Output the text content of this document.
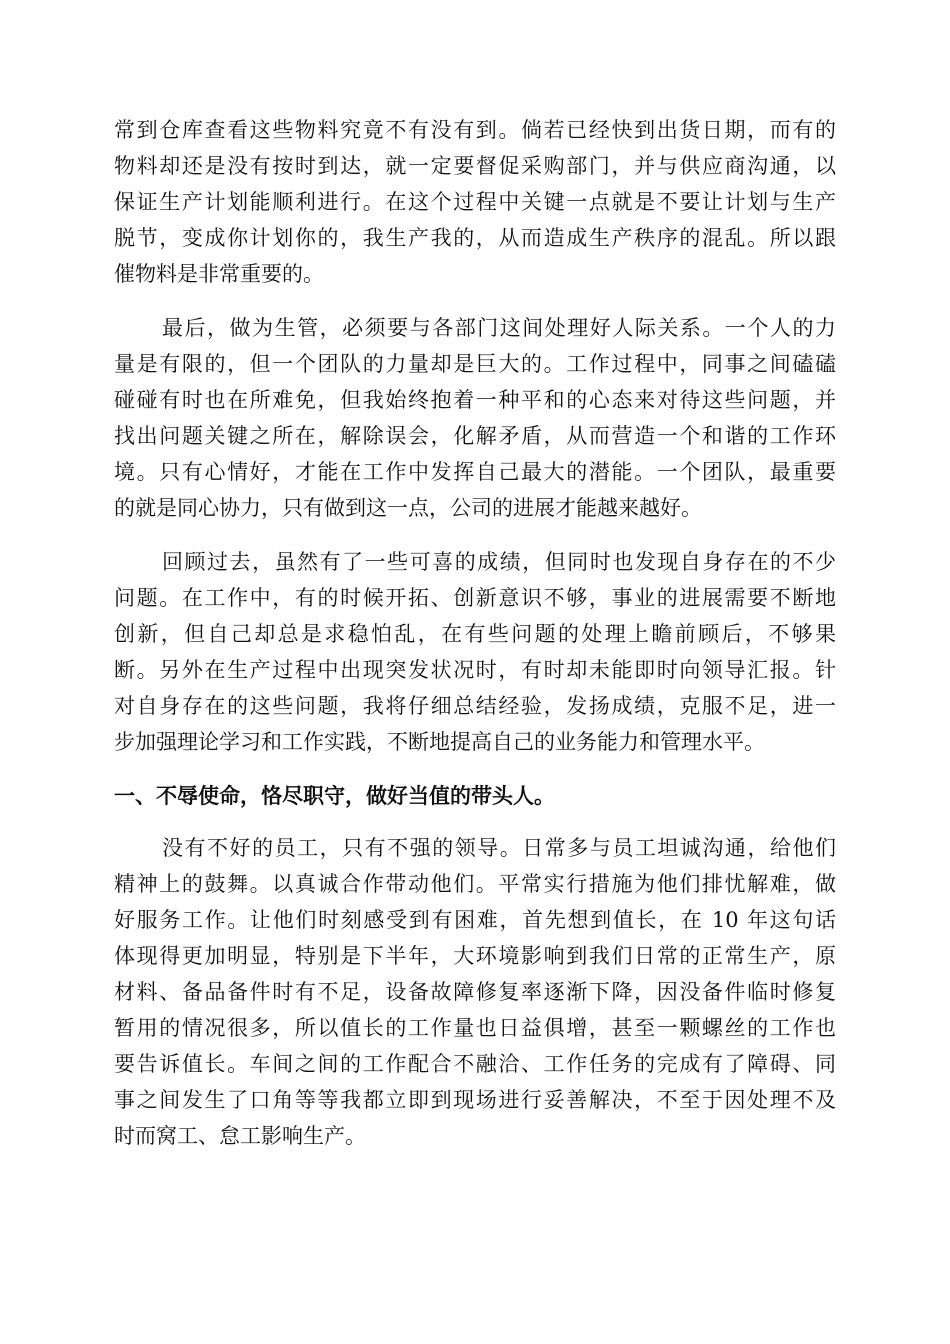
常到仓库查看这些物料究竟不有没有到。倘若已经快到出货日期，而有的
物料却还是没有按时到达，就一定要督促采购部门，并与供应商沟通，以
保证生产计划能顺利进行。在这个过程中关键一点就是不要让计划与生产
脱节，变成你计划你的，我生产我的，从而造成生产秩序的混乱。所以跟
催物料是非常重要的。
最后，做为生管，必须要与各部门这间处理好人际关系。一个人的力
量是有限的，但一个团队的力量却是巨大的。工作过程中，同事之间磕磕
碰碰有时也在所难免，但我始终抱着一种平和的心态来对待这些问题，并
找出问题关键之所在，解除误会，化解矛盾，从而营造一个和谐的工作环
境。只有心情好，才能在工作中发挥自己最大的潜能。一个团队，最重要
的就是同心协力，只有做到这一点，公司的进展才能越来越好。
回顾过去，虽然有了一些可喜的成绩，但同时也发现自身存在的不少
问题。在工作中，有的时候开拓、创新意识不够，事业的进展需要不断地
创新，但自己却总是求稳怕乱，在有些问题的处理上瞻前顾后，不够果
断。另外在生产过程中出现突发状况时，有时却未能即时向领导汇报。针
对自身存在的这些问题，我将仔细总结经验，发扬成绩，克服不足，进一
步加强理论学习和工作实践，不断地提高自己的业务能力和管理水平。
一、不辱使命，恪尽职守，做好当值的带头人。
没有不好的员工，只有不强的领导。日常多与员工坦诚沟通，给他们
精神上的鼓舞。以真诚合作带动他们。平常实行措施为他们排忧解难，做
好服务工作。让他们时刻感受到有困难，首先想到值长，在 10 年这句话
体现得更加明显，特别是下半年，大环境影响到我们日常的正常生产，原
材料、备品备件时有不足，设备故障修复率逐渐下降，因没备件临时修复
暂用的情况很多，所以值长的工作量也日益俱增，甚至一颗螺丝的工作也
要告诉值长。车间之间的工作配合不融洽、工作任务的完成有了障碍、同
事之间发生了口角等等我都立即到现场进行妥善解决，不至于因处理不及
时而窝工、怠工影响生产。
